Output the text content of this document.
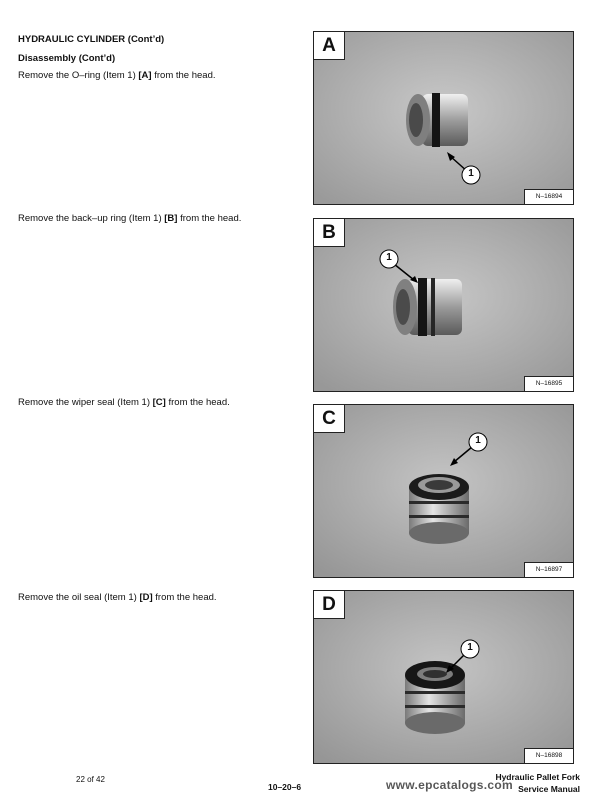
HYDRAULIC CYLINDER (Cont’d)
Disassembly (Cont’d)
Remove the O–ring (Item 1) [A] from the head.
Remove the back–up ring (Item 1) [B] from the head.
Remove the wiper seal (Item 1) [C] from the head.
Remove the oil seal (Item 1) [D] from the head.
1
A
N–16894
1
B
N–16895
1
C
N–16897
1
D
N–16898
22 of 42
10–20–6
Hydraulic Pallet Fork
Service Manual
www.epcatalogs.com
